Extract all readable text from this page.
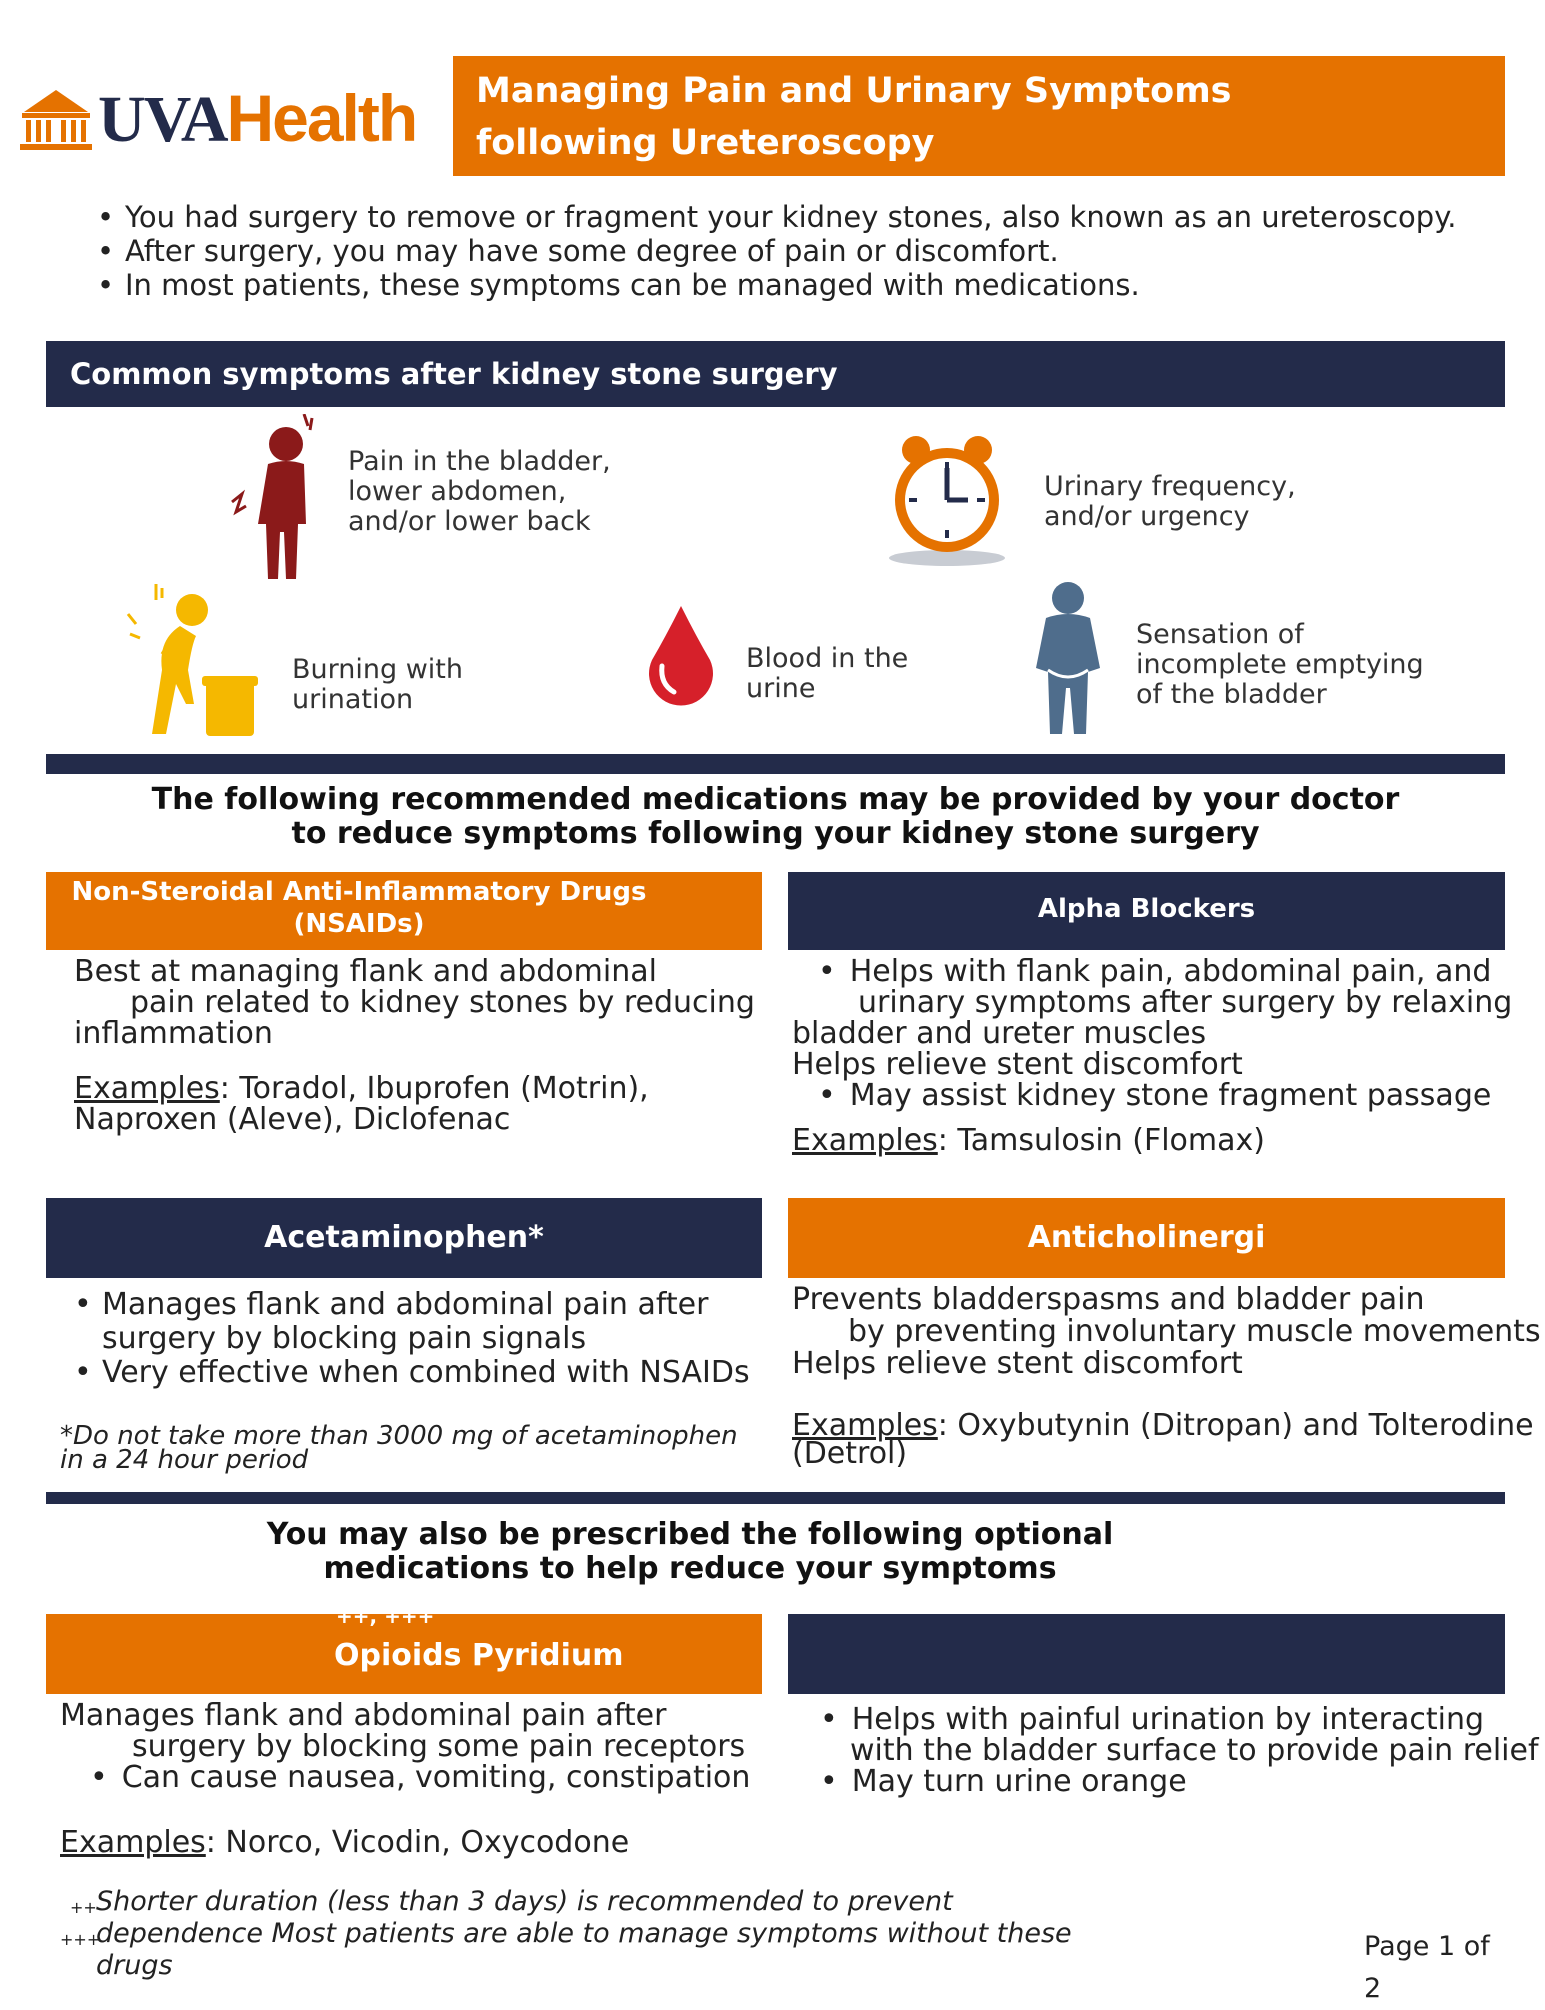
UVAHealth Managing Pain and Urinary Symptoms
following Ureteroscopy
• You had surgery to remove or fragment your kidney stones, also known as an ureteroscopy.
• After surgery, you may have some degree of pain or discomfort.
• In most patients, these symptoms can be managed with medications.
Common symptoms after kidney stone surgery
Pain in the bladder,
lower abdomen,
and/or lower back
Urinary frequency,
and/or urgency
Burning with
urination
Blood in the
urine
Sensation of
incomplete emptying
of the bladder
The following recommended medications may be provided by your doctor
to reduce symptoms following your kidney stone surgery
Non-Steroidal Anti-Inflammatory Drugs
(NSAIDs)
Best at managing flank and abdominal
pain related to kidney stones by reducing
inflammation
Examples: Toradol, Ibuprofen (Motrin),
Naproxen (Aleve), Diclofenac
Alpha Blockers
• Helps with flank pain, abdominal pain, and
urinary symptoms after surgery by relaxing
bladder and ureter muscles
Helps relieve stent discomfort
• May assist kidney stone fragment passage
Examples: Tamsulosin (Flomax)
Acetaminophen*
• Manages flank and abdominal pain after
surgery by blocking pain signals
• Very effective when combined with NSAIDs
*Do not take more than 3000 mg of acetaminophen
in a 24 hour period
Anticholinergi
Prevents bladderspasms and bladder pain
by preventing involuntary muscle movements
Helps relieve stent discomfort
Examples: Oxybutynin (Ditropan) and Tolterodine
(Detrol)
You may also be prescribed the following optional
medications to help reduce your symptoms
++, +++
Opioids Pyridium
Manages flank and abdominal pain after
surgery by blocking some pain receptors
• Can cause nausea, vomiting, constipation
Examples: Norco, Vicodin, Oxycodone
• Helps with painful urination by interacting
with the bladder surface to provide pain relief
• May turn urine orange
++
+++
Shorter duration (less than 3 days) is recommended to prevent
dependence Most patients are able to manage symptoms without these
drugs
Page 1 of
2
